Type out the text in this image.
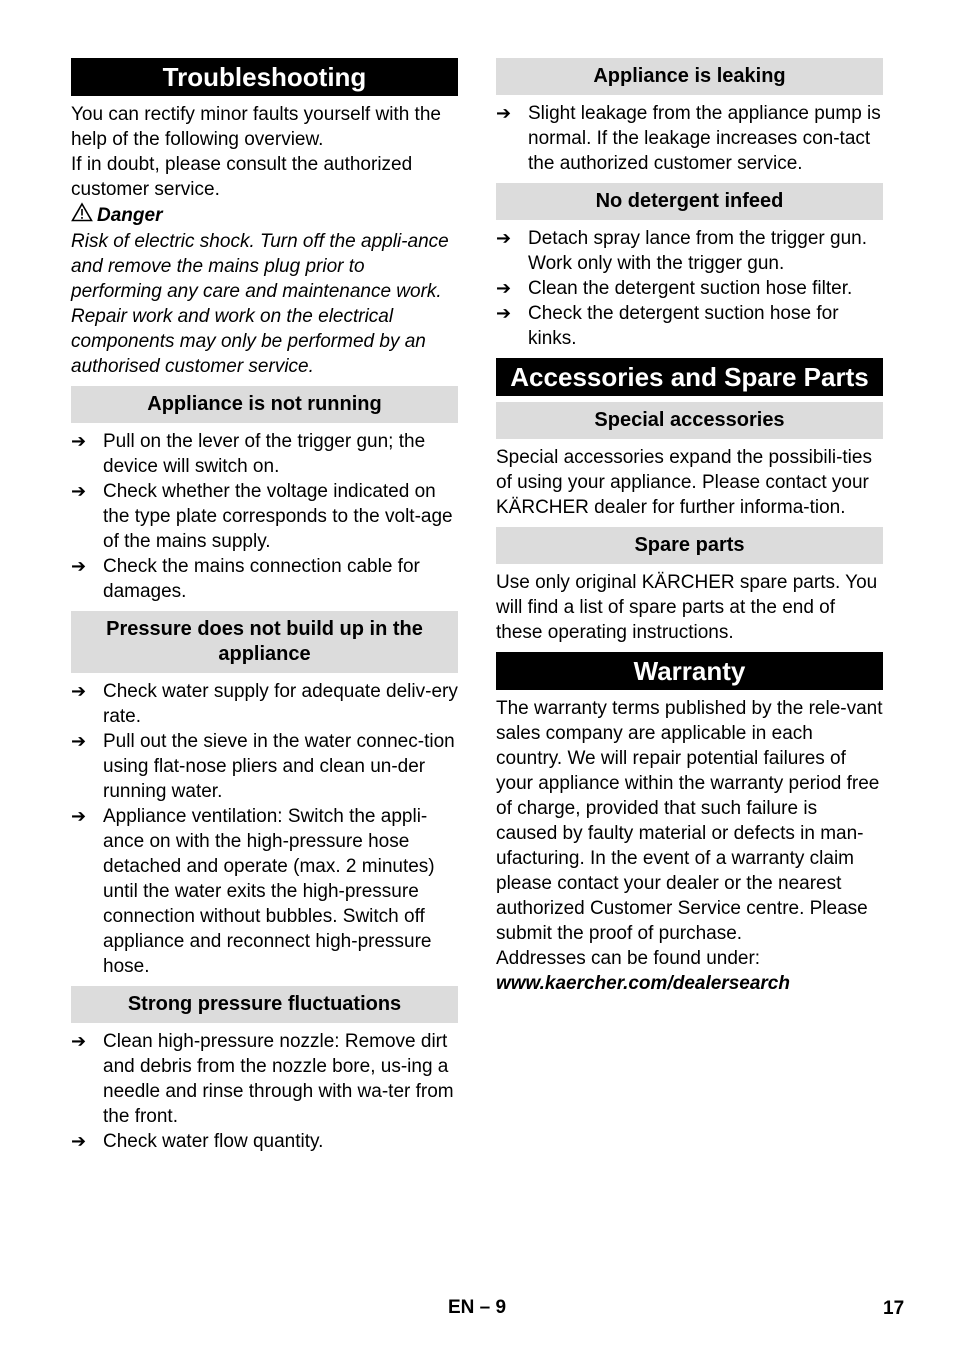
Troubleshooting

You can rectify minor faults yourself with the help of the following overview.

If in doubt, please consult the authorized customer service.

Danger

Risk of electric shock. Turn off the appli-ance and remove the mains plug prior to performing any care and maintenance work.

Repair work and work on the electrical components may only be performed by an authorised customer service.

Appliance is not running
➔ Pull on the lever of the trigger gun; the device will switch on.
➔ Check whether the voltage indicated on the type plate corresponds to the volt-age of the mains supply.
➔ Check the mains connection cable for damages.
Pressure does not build up in the appliance
➔ Check water supply for adequate deliv-ery rate.
➔ Pull out the sieve in the water connec-tion using flat-nose pliers and clean un-der running water.
➔ Appliance ventilation: Switch the appli-ance on with the high-pressure hose detached and operate (max. 2 minutes) until the water exits the high-pressure connection without bubbles. Switch off appliance and reconnect high-pressure hose.
Strong pressure fluctuations
➔ Clean high-pressure nozzle: Remove dirt and debris from the nozzle bore, us-ing a needle and rinse through with wa-ter from the front.
➔ Check water flow quantity.
Appliance is leaking
➔ Slight leakage from the appliance pump is normal. If the leakage increases con-tact the authorized customer service.
No detergent infeed
➔ Detach spray lance from the trigger gun. Work only with the trigger gun.
➔ Clean the detergent suction hose filter.
➔ Check the detergent suction hose for kinks.
Accessories and Spare Parts
Special accessories

Special accessories expand the possibili-ties of using your appliance. Please contact your KÄRCHER dealer for further informa-tion.

Spare parts

Use only original KÄRCHER spare parts. You will find a list of spare parts at the end of these operating instructions.

Warranty

The warranty terms published by the rele-vant sales company are applicable in each country. We will repair potential failures of your appliance within the warranty period free of charge, provided that such failure is caused by faulty material or defects in man-ufacturing. In the event of a warranty claim please contact your dealer or the nearest authorized Customer Service centre. Please submit the proof of purchase.

Addresses can be found under:

www.kaercher.com/dealersearch

EN – 9	17
